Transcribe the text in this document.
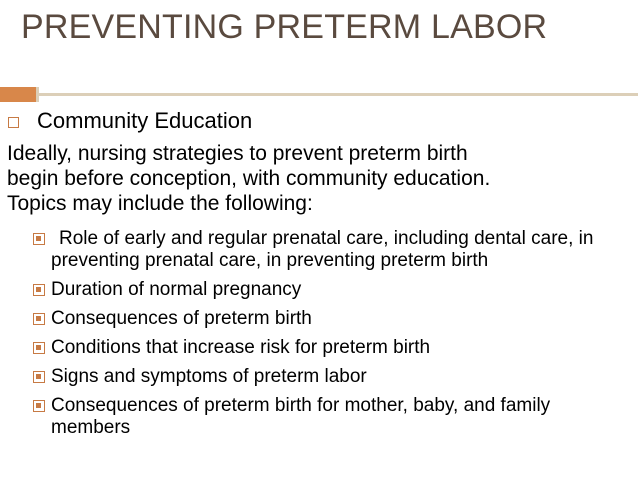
PREVENTING PRETERM LABOR
Community Education
Ideally, nursing strategies to prevent preterm birth
begin before conception, with community education.
Topics may include the following:
Role of early and regular prenatal care, including dental care, in preventing prenatal care, in preventing preterm birth
Duration of normal pregnancy
Consequences of preterm birth
Conditions that increase risk for preterm birth
Signs and symptoms of preterm labor
Consequences of preterm birth for mother, baby, and family members
